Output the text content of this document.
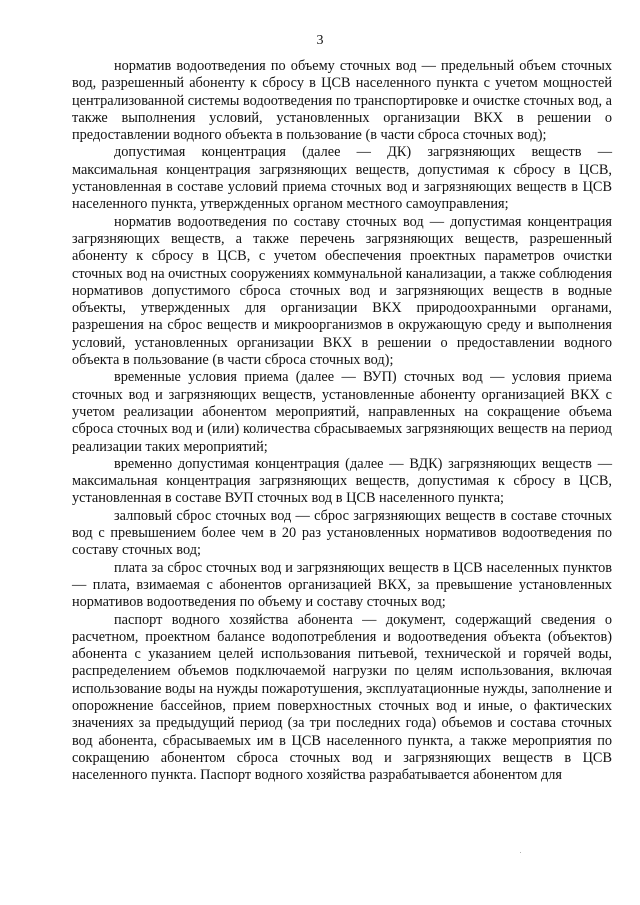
3

норматив водоотведения по объему сточных вод — предельный объем сточных вод, разрешенный абоненту к сбросу в ЦСВ населенного пункта с учетом мощностей централизованной системы водоотведения по транспортировке и очистке сточных вод, а также выполнения условий, установленных организации ВКХ в решении о предоставлении водного объекта в пользование (в части сброса сточных вод);

допустимая концентрация (далее — ДК) загрязняющих веществ — максимальная концентрация загрязняющих веществ, допустимая к сбросу в ЦСВ, установленная в составе условий приема сточных вод и загрязняющих веществ в ЦСВ населенного пункта, утвержденных органом местного самоуправления;

норматив водоотведения по составу сточных вод — допустимая концентрация загрязняющих веществ, а также перечень загрязняющих веществ, разрешенный абоненту к сбросу в ЦСВ, с учетом обеспечения проектных параметров очистки сточных вод на очистных сооружениях коммунальной канализации, а также соблюдения нормативов допустимого сброса сточных вод и загрязняющих веществ в водные объекты, утвержденных для организации ВКХ природоохранными органами, разрешения на сброс веществ и микроорганизмов в окружающую среду и выполнения условий, установленных организации ВКХ в решении о предоставлении водного объекта в пользование (в части сброса сточных вод);

временные условия приема (далее — ВУП) сточных вод — условия приема сточных вод и загрязняющих веществ, установленные абоненту организацией ВКХ с учетом реализации абонентом мероприятий, направленных на сокращение объема сброса сточных вод и (или) количества сбрасываемых загрязняющих веществ на период реализации таких мероприятий;

временно допустимая концентрация (далее — ВДК) загрязняющих веществ — максимальная концентрация загрязняющих веществ, допустимая к сбросу в ЦСВ, установленная в составе ВУП сточных вод в ЦСВ населенного пункта;

залповый сброс сточных вод — сброс загрязняющих веществ в составе сточных вод с превышением более чем в 20 раз установленных нормативов водоотведения по составу сточных вод;

плата за сброс сточных вод и загрязняющих веществ в ЦСВ населенных пунктов — плата, взимаемая с абонентов организацией ВКХ, за превышение установленных нормативов водоотведения по объему и составу сточных вод;

паспорт водного хозяйства абонента — документ, содержащий сведения о расчетном, проектном балансе водопотребления и водоотведения объекта (объектов) абонента с указанием целей использования питьевой, технической и горячей воды, распределением объемов подключаемой нагрузки по целям использования, включая использование воды на нужды пожаротушения, эксплуатационные нужды, заполнение и опорожнение бассейнов, прием поверхностных сточных вод и иные, о фактических значениях за предыдущий период (за три последних года) объемов и состава сточных вод абонента, сбрасываемых им в ЦСВ населенного пункта, а также мероприятия по сокращению абонентом сброса сточных вод и загрязняющих веществ в ЦСВ населенного пункта. Паспорт водного хозяйства разрабатывается абонентом для
